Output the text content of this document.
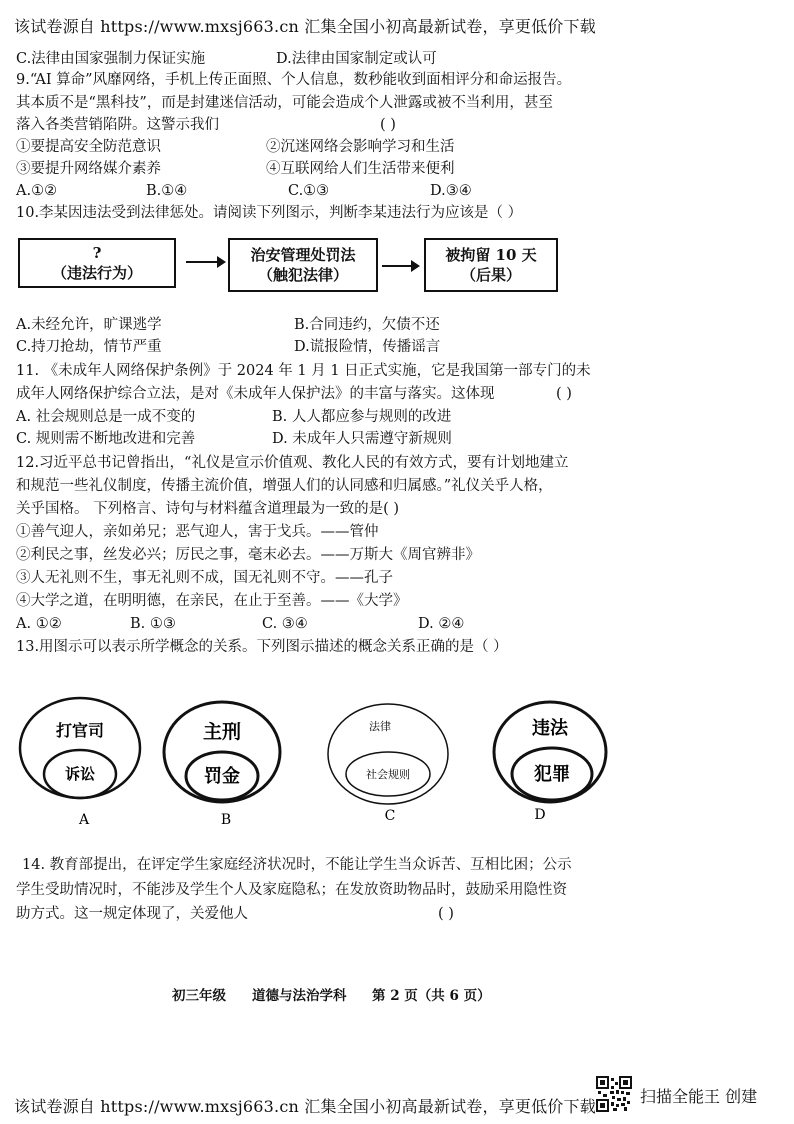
该试卷源自 https://www.mxsj663.cn 汇集全国小初高最新试卷，享更低价下载
C.法律由国家强制力保证实施	D.法律由国家制定或认可
9.“AI 算命”风靡网络，手机上传正面照、个人信息，数秒能收到面相评分和命运报告。
其本质不是“黑科技”，而是封建迷信活动，可能会造成个人泄露或被不当利用，甚至
落入各类营销陷阱。这警示我们	( )
①要提高安全防范意识	②沉迷网络会影响学习和生活
③要提升网络媒介素养	④互联网给人们生活带来便利
A.①②	B.①④	C.①③	D.③④
10.李某因违法受到法律惩处。请阅读下列图示，判断李某违法行为应该是（ ）
?
（违法行为）
治安管理处罚法
（触犯法律）
被拘留 10 天
（后果）
A.未经允许，旷课逃学	B.合同违约，欠债不还
C.持刀抢劫，情节严重	D.谎报险情，传播谣言
11. 《未成年人网络保护条例》于 2024 年 1 月 1 日正式实施，它是我国第一部专门的未
成年人网络保护综合立法，是对《未成年人保护法》的丰富与落实。这体现	( )
A. 社会规则总是一成不变的	B. 人人都应参与规则的改进
C. 规则需不断地改进和完善	D. 未成年人只需遵守新规则
12.习近平总书记曾指出，“礼仪是宣示价值观、教化人民的有效方式，要有计划地建立
和规范一些礼仪制度，传播主流价值，增强人们的认同感和归属感。”礼仪关乎人格，
关乎国格。 下列格言、诗句与材料蕴含道理最为一致的是( )
①善气迎人，亲如弟兄；恶气迎人，害于戈兵。——管仲
②利民之事，丝发必兴；厉民之事，毫末必去。——万斯大《周官辨非》
③人无礼则不生，事无礼则不成，国无礼则不守。——孔子
④大学之道，在明明德，在亲民，在止于至善。——《大学》
A. ①②	B. ①③	C. ③④	D. ②④
13.用图示可以表示所学概念的关系。下列图示描述的概念关系正确的是（ ）
打官司
诉讼
A
主刑
罚金
B
法律
社会规则
C
违法
犯罪
D
14. 教育部提出，在评定学生家庭经济状况时，不能让学生当众诉苦、互相比困；公示
学生受助情况时，不能涉及学生个人及家庭隐私；在发放资助物品时，鼓励采用隐性资
助方式。这一规定体现了，关爱他人	( )
初三年级 道德与法治学科 第 2 页（共 6 页）
该试卷源自 https://www.mxsj663.cn 汇集全国小初高最新试卷，享更低价下载
扫描全能王 创建
